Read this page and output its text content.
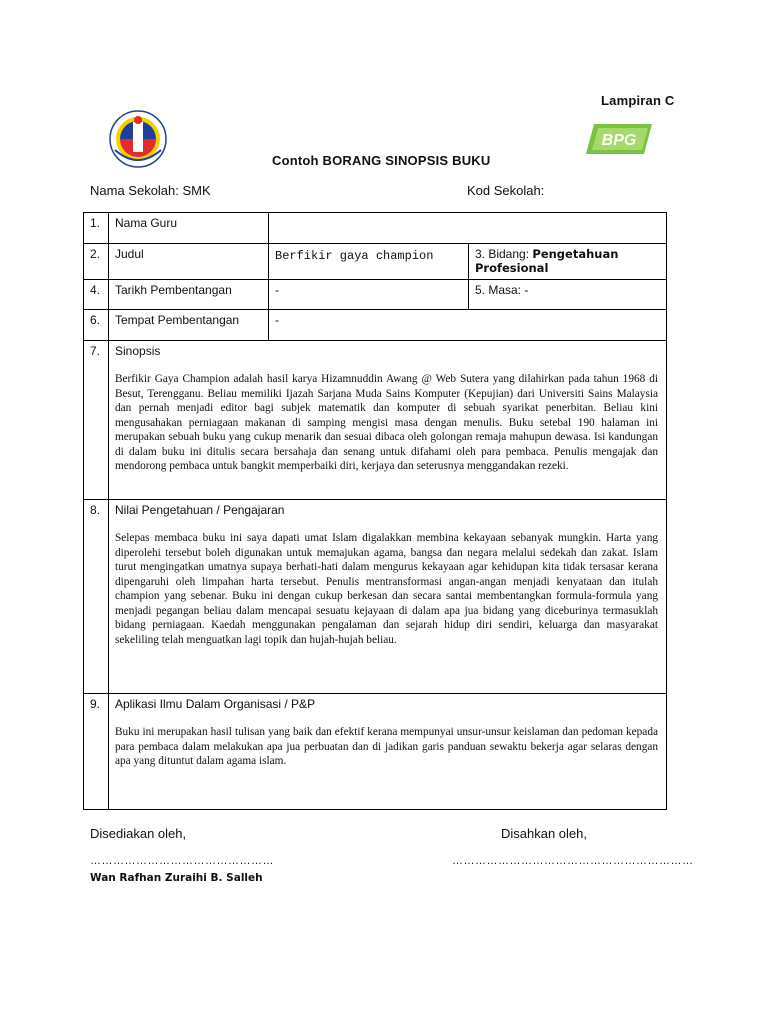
Lampiran C
BPG
Contoh BORANG SINOPSIS BUKU
Nama Sekolah: SMK	Kod Sekolah:
1.	Nama Guru		
2.	Judul	Berfikir gaya champion	3. Bidang: Pengetahuan Profesional
4.	Tarikh Pembentangan	-	5. Masa: -
6.	Tempat Pembentangan	-	
7.	Sinopsis

Berfikir Gaya Champion adalah hasil karya Hizamnuddin Awang @ Web Sutera yang dilahirkan pada tahun 1968 di Besut, Terengganu. Beliau memiliki Ijazah Sarjana Muda Sains Komputer (Kepujian) dari Universiti Sains Malaysia dan pernah menjadi editor bagi subjek matematik dan komputer di sebuah syarikat penerbitan. Beliau kini mengusahakan perniagaan makanan di samping mengisi masa dengan menulis. Buku setebal 190 halaman ini merupakan sebuah buku yang cukup menarik dan sesuai dibaca oleh golongan remaja mahupun dewasa. Isi kandungan di dalam buku ini ditulis secara bersahaja dan senang untuk difahami oleh para pembaca. Penulis mengajak dan mendorong pembaca untuk bangkit memperbaiki diri, kerjaya dan seterusnya menggandakan rezeki.		

8.	Nilai Pengetahuan / Pengajaran

Selepas membaca buku ini saya dapati umat Islam digalakkan membina kekayaan sebanyak mungkin. Harta yang diperolehi tersebut boleh digunakan untuk memajukan agama, bangsa dan negara melalui sedekah dan zakat. Islam turut mengingatkan umatnya supaya berhati-hati dalam mengurus kekayaan agar kehidupan kita tidak tersasar kerana dipengaruhi oleh limpahan harta tersebut. Penulis mentransformasi angan-angan menjadi kenyataan dan itulah champion yang sebenar. Buku ini dengan cukup berkesan dan secara santai membentangkan formula-formula yang menjadi pegangan beliau dalam mencapai sesuatu kejayaan di dalam apa jua bidang yang diceburinya termasuklah bidang perniagaan. Kaedah menggunakan pengalaman dan sejarah hidup diri sendiri, keluarga dan masyarakat sekeliling telah menguatkan lagi topik dan hujah-hujah beliau.		

9.	Aplikasi Ilmu Dalam Organisasi / P&P

Buku ini merupakan hasil tulisan yang baik dan efektif kerana mempunyai unsur-unsur keislaman dan pedoman kepada para pembaca dalam melakukan apa jua perbuatan dan di jadikan garis panduan sewaktu bekerja agar selaras dengan apa yang dituntut dalam agama islam.		

Disediakan oleh,	Disahkan oleh,
…………………………………………	………………………………………………………
Wan Rafhan Zuraihi B. Salleh
